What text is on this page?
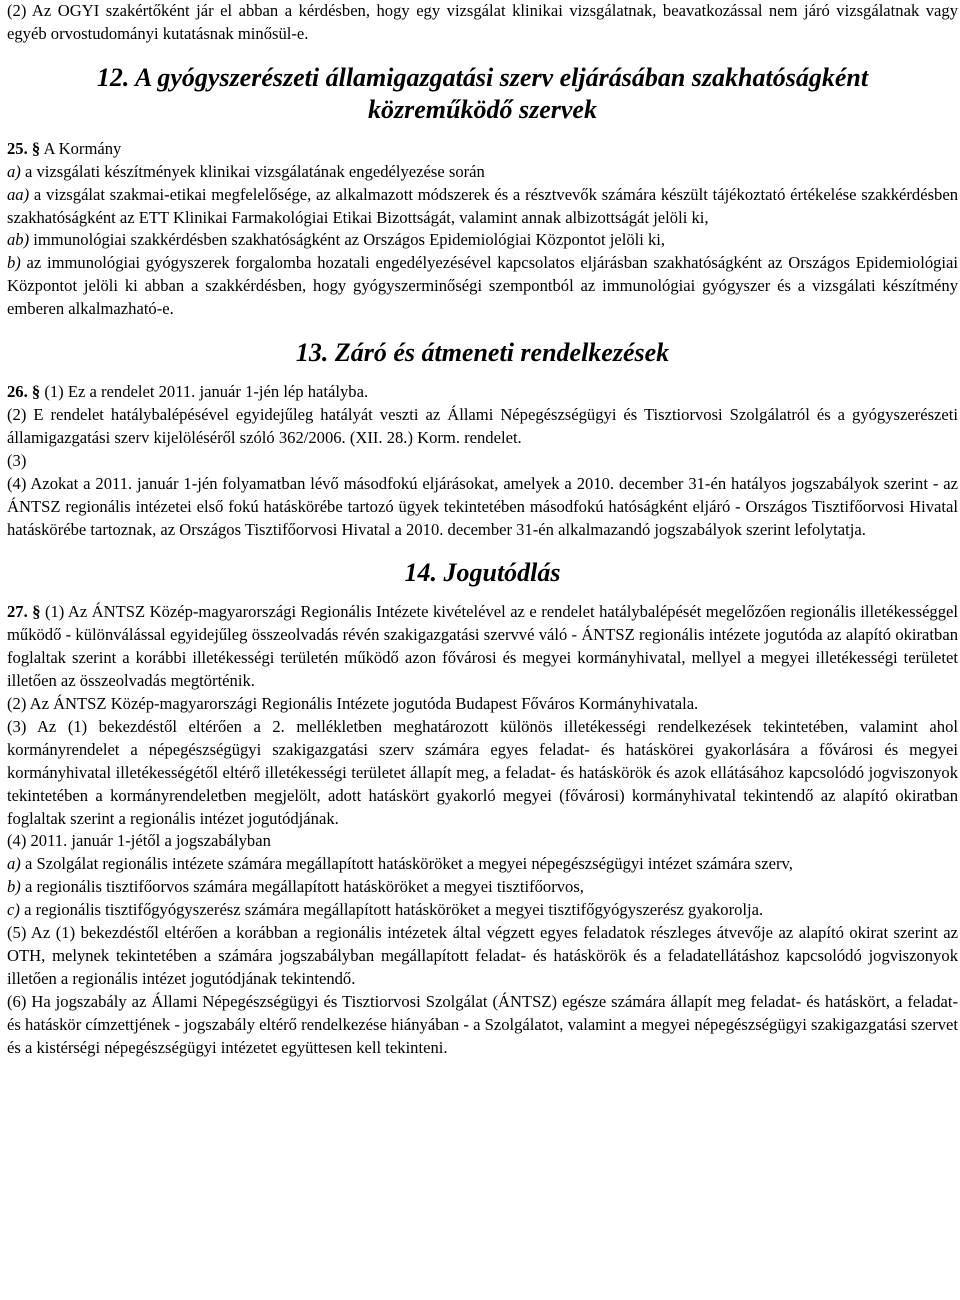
(2) Az OGYI szakértőként jár el abban a kérdésben, hogy egy vizsgálat klinikai vizsgálatnak, beavatkozással nem járó vizsgálatnak vagy egyéb orvostudományi kutatásnak minősül-e.

12. A gyógyszerészeti államigazgatási szerv eljárásában szakhatóságként
közreműködő szervek

25. § A Kormány

a) a vizsgálati készítmények klinikai vizsgálatának engedélyezése során

aa) a vizsgálat szakmai-etikai megfelelősége, az alkalmazott módszerek és a résztvevők számára készült tájékoztató értékelése szakkérdésben szakhatóságként az ETT Klinikai Farmakológiai Etikai Bizottságát, valamint annak albizottságát jelöli ki,

ab) immunológiai szakkérdésben szakhatóságként az Országos Epidemiológiai Központot jelöli ki,

b) az immunológiai gyógyszerek forgalomba hozatali engedélyezésével kapcsolatos eljárásban szakhatóságként az Országos Epidemiológiai Központot jelöli ki abban a szakkérdésben, hogy gyógyszerminőségi szempontból az immunológiai gyógyszer és a vizsgálati készítmény emberen alkalmazható-e.

13. Záró és átmeneti rendelkezések

26. § (1) Ez a rendelet 2011. január 1-jén lép hatályba.

(2) E rendelet hatálybalépésével egyidejűleg hatályát veszti az Állami Népegészségügyi és Tisztiorvosi Szolgálatról és a gyógyszerészeti államigazgatási szerv kijelöléséről szóló 362/2006. (XII. 28.) Korm. rendelet.

(3)

(4) Azokat a 2011. január 1-jén folyamatban lévő másodfokú eljárásokat, amelyek a 2010. december 31-én hatályos jogszabályok szerint - az ÁNTSZ regionális intézetei első fokú hatáskörébe tartozó ügyek tekintetében másodfokú hatóságként eljáró - Országos Tisztifőorvosi Hivatal hatáskörébe tartoznak, az Országos Tisztifőorvosi Hivatal a 2010. december 31-én alkalmazandó jogszabályok szerint lefolytatja.

14. Jogutódlás

27. § (1) Az ÁNTSZ Közép-magyarországi Regionális Intézete kivételével az e rendelet hatálybalépését megelőzően regionális illetékességgel működő - különválással egyidejűleg összeolvadás révén szakigazgatási szervvé váló - ÁNTSZ regionális intézete jogutóda az alapító okiratban foglaltak szerint a korábbi illetékességi területén működő azon fővárosi és megyei kormányhivatal, mellyel a megyei illetékességi területet illetően az összeolvadás megtörténik.

(2) Az ÁNTSZ Közép-magyarországi Regionális Intézete jogutóda Budapest Főváros Kormányhivatala.

(3) Az (1) bekezdéstől eltérően a 2. mellékletben meghatározott különös illetékességi rendelkezések tekintetében, valamint ahol kormányrendelet a népegészségügyi szakigazgatási szerv számára egyes feladat- és hatáskörei gyakorlására a fővárosi és megyei kormányhivatal illetékességétől eltérő illetékességi területet állapít meg, a feladat- és hatáskörök és azok ellátásához kapcsolódó jogviszonyok tekintetében a kormányrendeletben megjelölt, adott hatáskört gyakorló megyei (fővárosi) kormányhivatal tekintendő az alapító okiratban foglaltak szerint a regionális intézet jogutódjának.

(4) 2011. január 1-jétől a jogszabályban

a) a Szolgálat regionális intézete számára megállapított hatásköröket a megyei népegészségügyi intézet számára szerv,

b) a regionális tisztifőorvos számára megállapított hatásköröket a megyei tisztifőorvos,

c) a regionális tisztifőgyógyszerész számára megállapított hatásköröket a megyei tisztifőgyógyszerész gyakorolja.

(5) Az (1) bekezdéstől eltérően a korábban a regionális intézetek által végzett egyes feladatok részleges átvevője az alapító okirat szerint az OTH, melynek tekintetében a számára jogszabályban megállapított feladat- és hatáskörök és a feladatellátáshoz kapcsolódó jogviszonyok illetően a regionális intézet jogutódjának tekintendő.

(6) Ha jogszabály az Állami Népegészségügyi és Tisztiorvosi Szolgálat (ÁNTSZ) egésze számára állapít meg feladat- és hatáskört, a feladat- és hatáskör címzettjének - jogszabály eltérő rendelkezése hiányában - a Szolgálatot, valamint a megyei népegészségügyi szakigazgatási szervet és a kistérségi népegészségügyi intézetet együttesen kell tekinteni.
